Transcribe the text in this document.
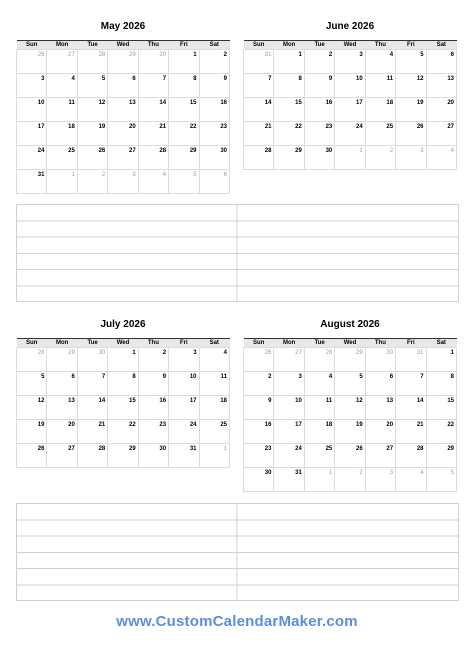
May 2026
Sun	Mon	Tue	Wed	Thu	Fri	Sat
26	27	28	29	30	1	2
3	4	5	6	7	8	9
10	11	12	13	14	15	16
17	18	19	20	21	22	23
24	25	26	27	28	29	30
31	1	2	3	4	5	6
June 2026
Sun	Mon	Tue	Wed	Thu	Fri	Sat
31	1	2	3	4	5	6
7	8	9	10	11	12	13
14	15	16	17	18	19	20
21	22	23	24	25	26	27
28	29	30	1	2	3	4
July 2026
Sun	Mon	Tue	Wed	Thu	Fri	Sat
28	29	30	1	2	3	4
5	6	7	8	9	10	11
12	13	14	15	16	17	18
19	20	21	22	23	24	25
26	27	28	29	30	31	1
August 2026
Sun	Mon	Tue	Wed	Thu	Fri	Sat
26	27	28	29	30	31	1
2	3	4	5	6	7	8
9	10	11	12	13	14	15
16	17	18	19	20	21	22
23	24	25	26	27	28	29
30	31	1	2	3	4	5
www.CustomCalendarMaker.com
